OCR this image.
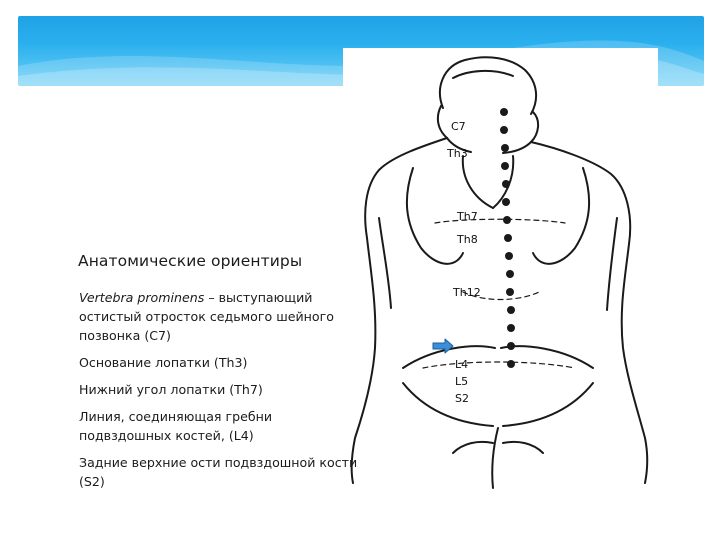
C7
Th3
Th7
Th8
Th12
L4
L5
S2
Анатомические ориентиры
Vertebra prominens – выступающий остистый отросток седьмого шейного позвонка (C7)
Основание лопатки (Th3)
Нижний угол лопатки (Th7)
Линия, соединяющая гребни подвздошных костей, (L4)
Задние верхние ости подвздошной кости (S2)
